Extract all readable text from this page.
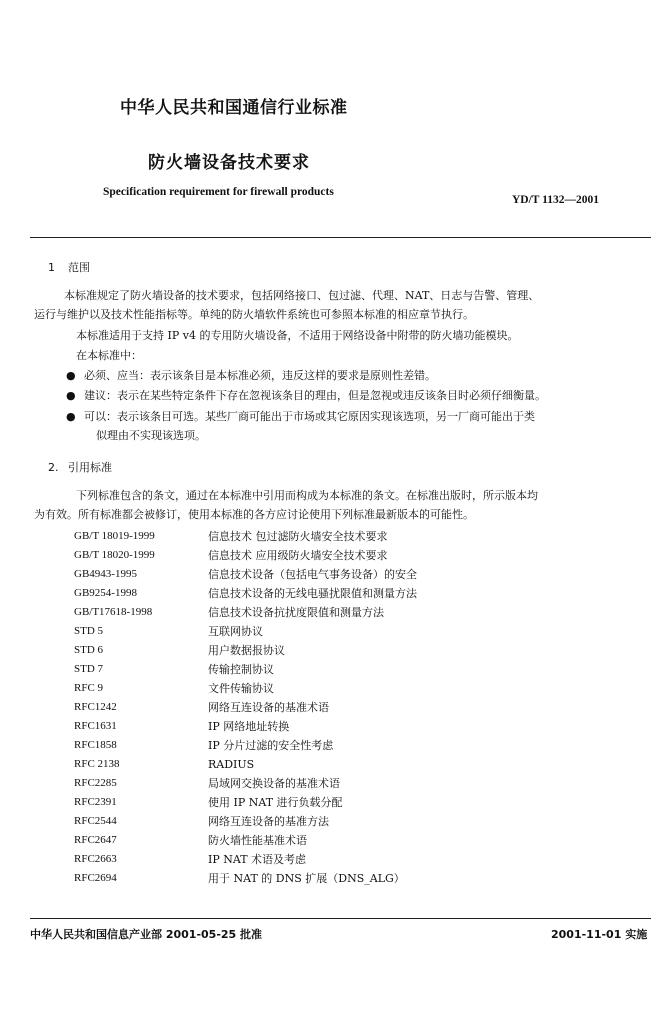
中华人民共和国通信行业标准
防火墙设备技术要求
Specification requirement for firewall products
YD/T 1132—2001
1 范围
本标准规定了防火墙设备的技术要求，包括网络接口、包过滤、代理、NAT、日志与告警、管理、
运行与维护以及技术性能指标等。单纯的防火墙软件系统也可参照本标准的相应章节执行。
本标准适用于支持 IP v4 的专用防火墙设备，不适用于网络设备中附带的防火墙功能模块。
在本标准中：
● 必须、应当：表示该条目是本标准必须，违反这样的要求是原则性差错。
● 建议：表示在某些特定条件下存在忽视该条目的理由，但是忽视或违反该条目时必须仔细衡量。
● 可以：表示该条目可选。某些厂商可能出于市场或其它原因实现该选项，另一厂商可能出于类
似理由不实现该选项。
2. 引用标准
下列标准包含的条文，通过在本标准中引用而构成为本标准的条文。在标准出版时，所示版本均
为有效。所有标准都会被修订，使用本标准的各方应讨论使用下列标准最新版本的可能性。
GB/T 18019-1999	信息技术 包过滤防火墙安全技术要求
GB/T 18020-1999	信息技术 应用级防火墙安全技术要求
GB4943-1995	信息技术设备（包括电气事务设备）的安全
GB9254-1998	信息技术设备的无线电骚扰限值和测量方法
GB/T17618-1998	信息技术设备抗扰度限值和测量方法
STD 5	互联网协议
STD 6	用户数据报协议
STD 7	传输控制协议
RFC 9	文件传输协议
RFC1242	网络互连设备的基准术语
RFC1631	IP 网络地址转换
RFC1858	IP 分片过滤的安全性考虑
RFC 2138	RADIUS
RFC2285	局域网交换设备的基准术语
RFC2391	使用 IP NAT 进行负载分配
RFC2544	网络互连设备的基准方法
RFC2647	防火墙性能基准术语
RFC2663	IP NAT 术语及考虑
RFC2694	用于 NAT 的 DNS 扩展（DNS_ALG）
中华人民共和国信息产业部 2001-05-25 批准	2001-11-01 实施
